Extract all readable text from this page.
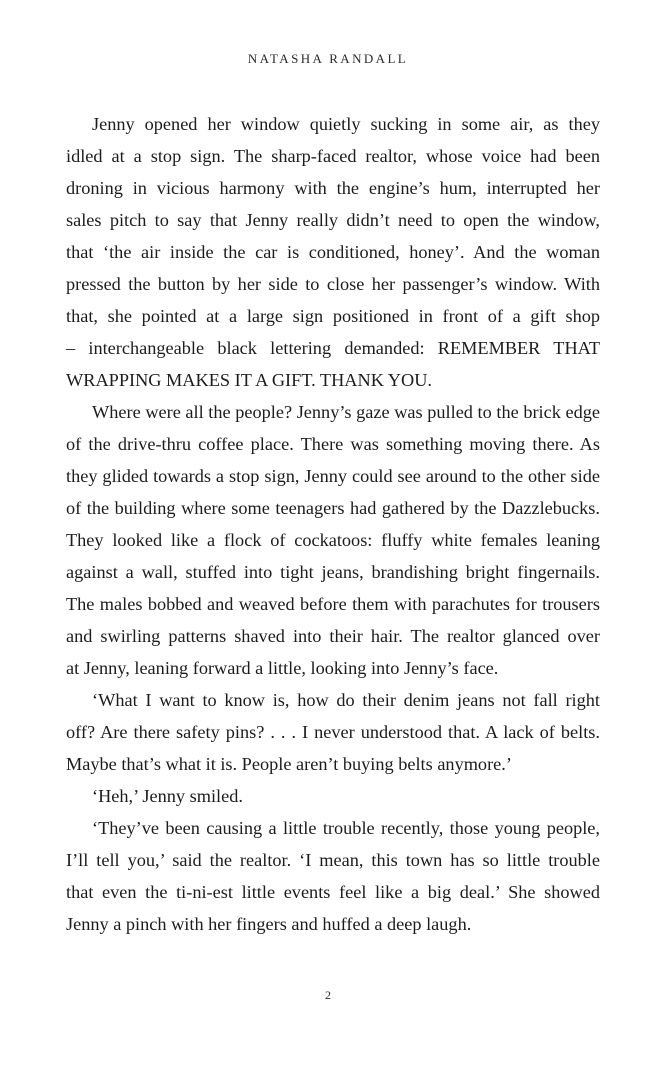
NATASHA RANDALL
Jenny opened her window quietly sucking in some air, as they
idled at a stop sign. The sharp-faced realtor, whose voice had been
droning in vicious harmony with the engine’s hum, interrupted her
sales pitch to say that Jenny really didn’t need to open the window,
that ‘the air inside the car is conditioned, honey’. And the woman
pressed the button by her side to close her passenger’s window. With
that, she pointed at a large sign positioned in front of a gift shop
– interchangeable black lettering demanded: REMEMBER THAT
WRAPPING MAKES IT A GIFT. THANK YOU.
Where were all the people? Jenny’s gaze was pulled to the brick edge
of the drive-thru coffee place. There was something moving there. As
they glided towards a stop sign, Jenny could see around to the other side
of the building where some teenagers had gathered by the Dazzlebucks.
They looked like a flock of cockatoos: fluffy white females leaning
against a wall, stuffed into tight jeans, brandishing bright fingernails.
The males bobbed and weaved before them with parachutes for trousers
and swirling patterns shaved into their hair. The realtor glanced over
at Jenny, leaning forward a little, looking into Jenny’s face.
‘What I want to know is, how do their denim jeans not fall right
off? Are there safety pins? . . . I never understood that. A lack of belts.
Maybe that’s what it is. People aren’t buying belts anymore.’
‘Heh,’ Jenny smiled.
‘They’ve been causing a little trouble recently, those young people,
I’ll tell you,’ said the realtor. ‘I mean, this town has so little trouble
that even the ti-ni-est little events feel like a big deal.’ She showed
Jenny a pinch with her fingers and huffed a deep laugh.
2
